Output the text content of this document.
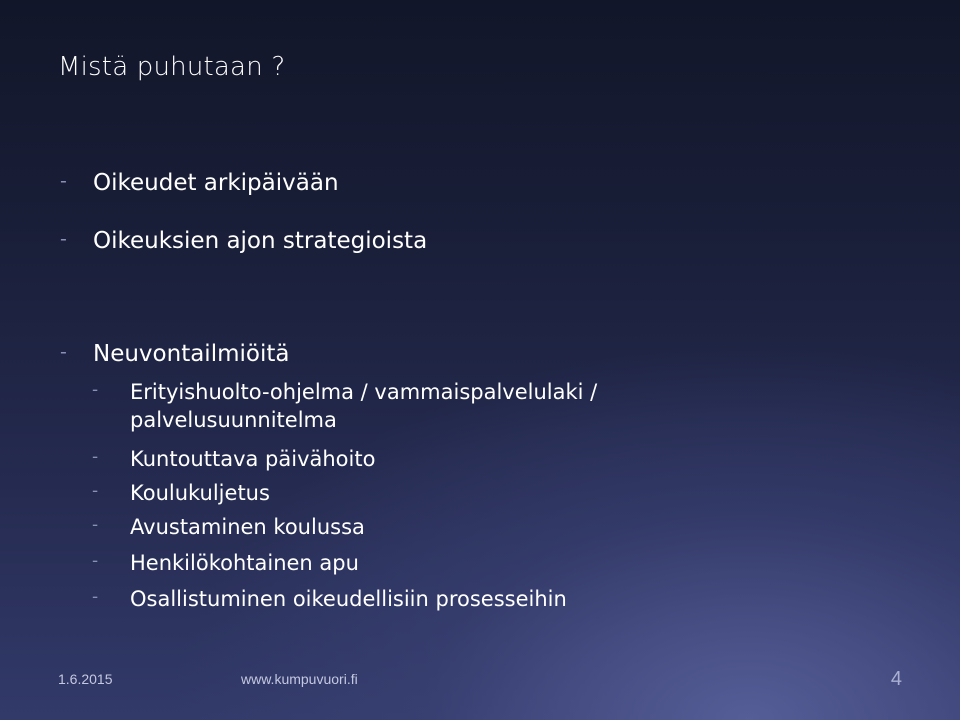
Mistä puhutaan ?
- Oikeudet arkipäivään
- Oikeuksien ajon strategioista
- Neuvontailmiöitä
- Erityishuolto-ohjelma / vammaispalvelulaki /
palvelusuunnitelma
- Kuntouttava päivähoito
- Koulukuljetus
- Avustaminen koulussa
- Henkilökohtainen apu
- Osallistuminen oikeudellisiin prosesseihin
1.6.2015	www.kumpuvuori.fi	4
